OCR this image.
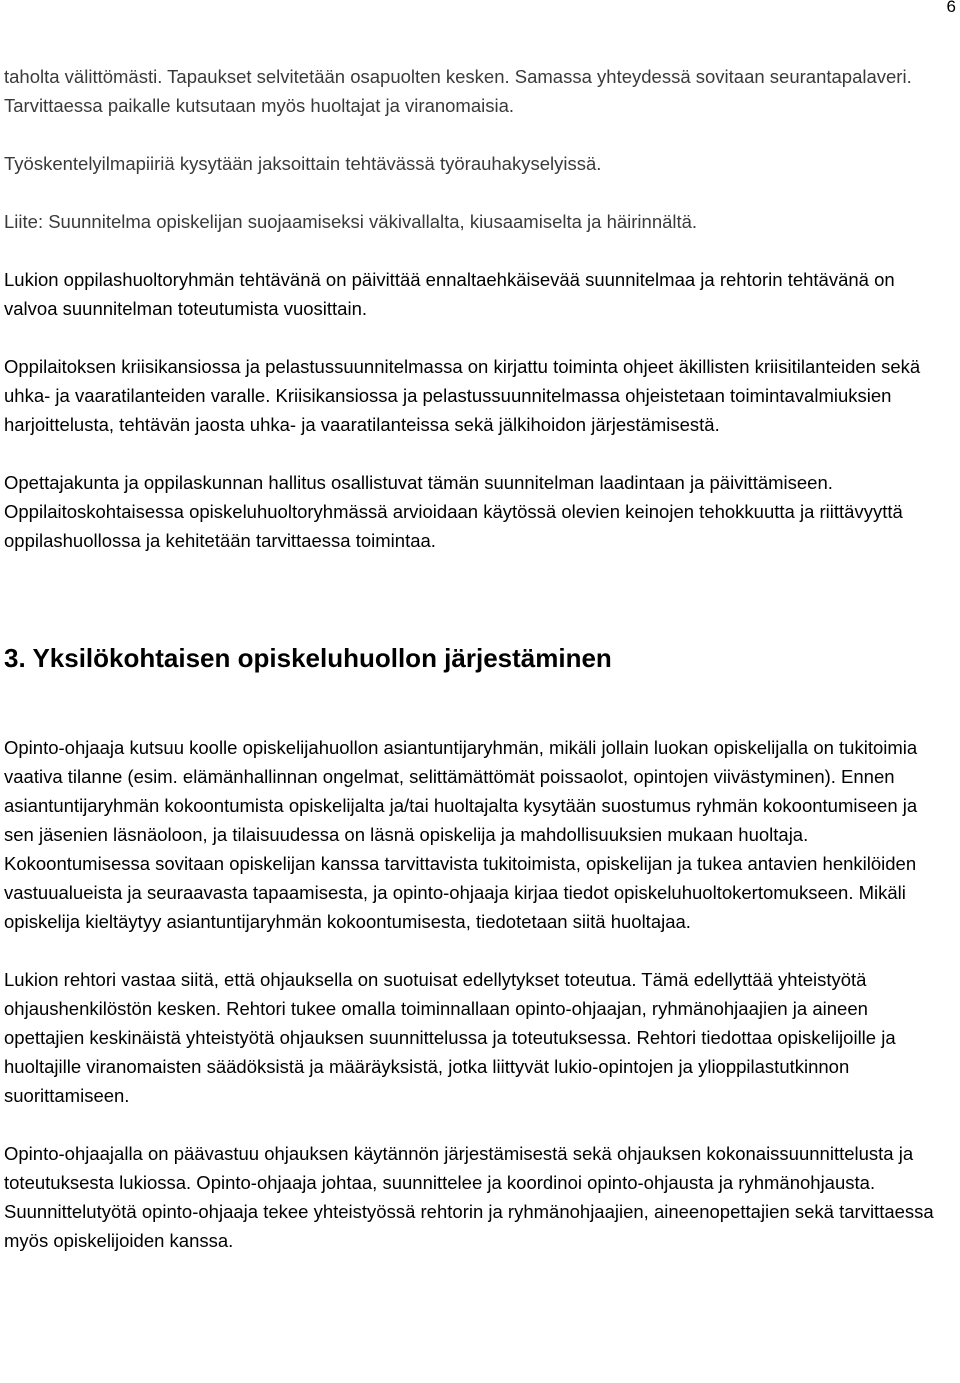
6

taholta välittömästi. Tapaukset selvitetään osapuolten kesken. Samassa yhteydessä sovitaan seurantapalaveri. Tarvittaessa paikalle kutsutaan myös huoltajat ja viranomaisia.

Työskentelyilmapiiriä kysytään jaksoittain tehtävässä työrauhakyselyissä.

Liite: Suunnitelma opiskelijan suojaamiseksi väkivallalta, kiusaamiselta ja häirinnältä.

Lukion oppilashuoltoryhmän tehtävänä on päivittää ennaltaehkäisevää suunnitelmaa ja rehtorin tehtävänä on valvoa suunnitelman toteutumista vuosittain.

Oppilaitoksen kriisikansiossa ja pelastussuunnitelmassa on kirjattu toiminta ohjeet äkillisten kriisitilanteiden sekä uhka- ja vaaratilanteiden varalle. Kriisikansiossa ja pelastussuunnitelmassa ohjeistetaan toimintavalmiuksien harjoittelusta, tehtävän jaosta uhka- ja vaaratilanteissa sekä jälkihoidon järjestämisestä.

Opettajakunta ja oppilaskunnan hallitus osallistuvat tämän suunnitelman laadintaan ja päivittämiseen. Oppilaitoskohtaisessa opiskeluhuoltoryhmässä arvioidaan käytössä olevien keinojen tehokkuutta ja riittävyyttä oppilashuollossa ja kehitetään tarvittaessa toimintaa.

3. Yksilökohtaisen opiskeluhuollon järjestäminen

Opinto-ohjaaja kutsuu koolle opiskelijahuollon asiantuntijaryhmän, mikäli jollain luokan opiskelijalla on tukitoimia vaativa tilanne (esim. elämänhallinnan ongelmat, selittämättömät poissaolot, opintojen viivästyminen). Ennen asiantuntijaryhmän kokoontumista opiskelijalta ja/tai huoltajalta kysytään suostumus ryhmän kokoontumiseen ja sen jäsenien läsnäoloon, ja tilaisuudessa on läsnä opiskelija ja mahdollisuuksien mukaan huoltaja. Kokoontumisessa sovitaan opiskelijan kanssa tarvittavista tukitoimista, opiskelijan ja tukea antavien henkilöiden vastuualueista ja seuraavasta tapaamisesta, ja opinto-ohjaaja kirjaa tiedot opiskeluhuoltokertomukseen. Mikäli opiskelija kieltäytyy asiantuntijaryhmän kokoontumisesta, tiedotetaan siitä huoltajaa.

Lukion rehtori vastaa siitä, että ohjauksella on suotuisat edellytykset toteutua. Tämä edellyttää yhteistyötä ohjaushenkilöstön kesken. Rehtori tukee omalla toiminnallaan opinto-ohjaajan, ryhmänohjaajien ja aineen opettajien keskinäistä yhteistyötä ohjauksen suunnittelussa ja toteutuksessa. Rehtori tiedottaa opiskelijoille ja huoltajille viranomaisten säädöksistä ja määräyksistä, jotka liittyvät lukio-opintojen ja ylioppilastutkinnon suorittamiseen.

Opinto-ohjaajalla on päävastuu ohjauksen käytännön järjestämisestä sekä ohjauksen kokonaissuunnittelusta ja toteutuksesta lukiossa. Opinto-ohjaaja johtaa, suunnittelee ja koordinoi opinto-ohjausta ja ryhmänohjausta. Suunnittelutyötä opinto-ohjaaja tekee yhteistyössä rehtorin ja ryhmänohjaajien, aineenopettajien sekä tarvittaessa myös opiskelijoiden kanssa.
